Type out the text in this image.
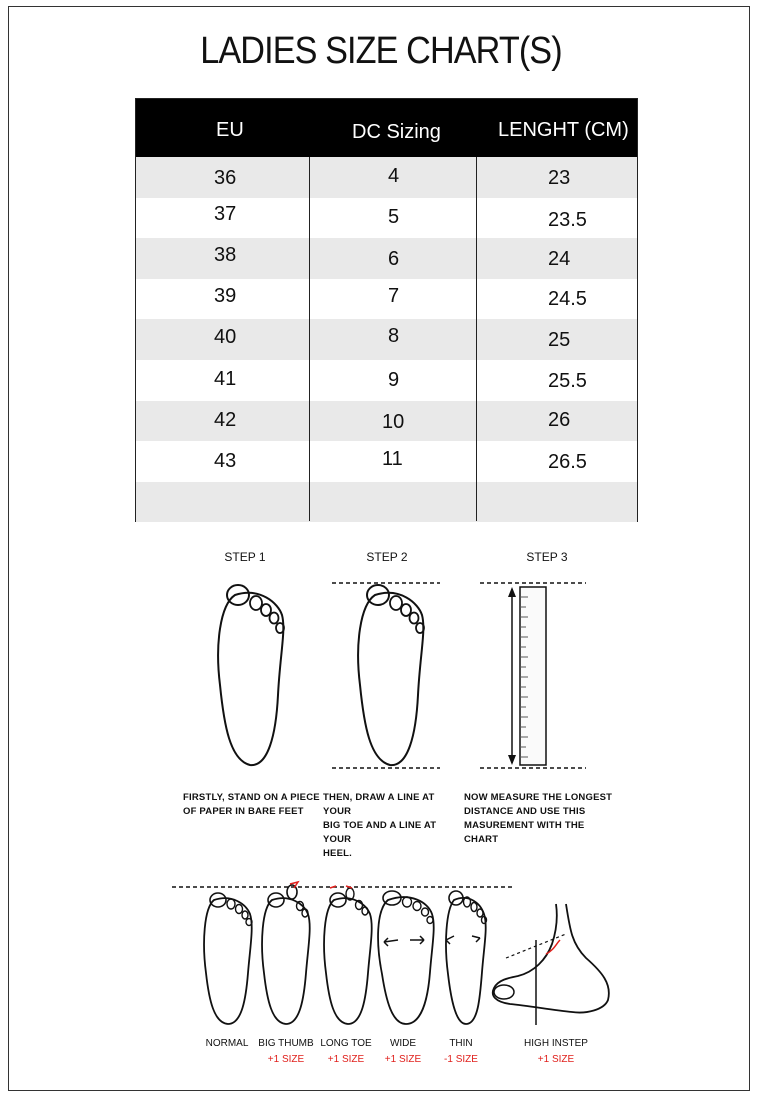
LADIES SIZE CHART(S)
EU	DC Sizing	LENGHT (CM)
36	4	23
37	5	23.5
38	6	24
39	7	24.5
40	8	25
41	9	25.5
42	10	26
43	11	26.5
STEP 1	STEP 2	STEP 3
FIRSTLY, STAND ON A PIECE
OF PAPER IN BARE FEET
THEN, DRAW A LINE AT YOUR
BIG TOE AND A LINE AT YOUR
HEEL.
NOW MEASURE THE LONGEST
DISTANCE AND USE THIS
MASUREMENT WITH THE
CHART
NORMAL BIG THUMB
+1 SIZE
LONG TOE
+1 SIZE
WIDE
+1 SIZE
THIN
-1 SIZE
HIGH INSTEP
+1 SIZE
